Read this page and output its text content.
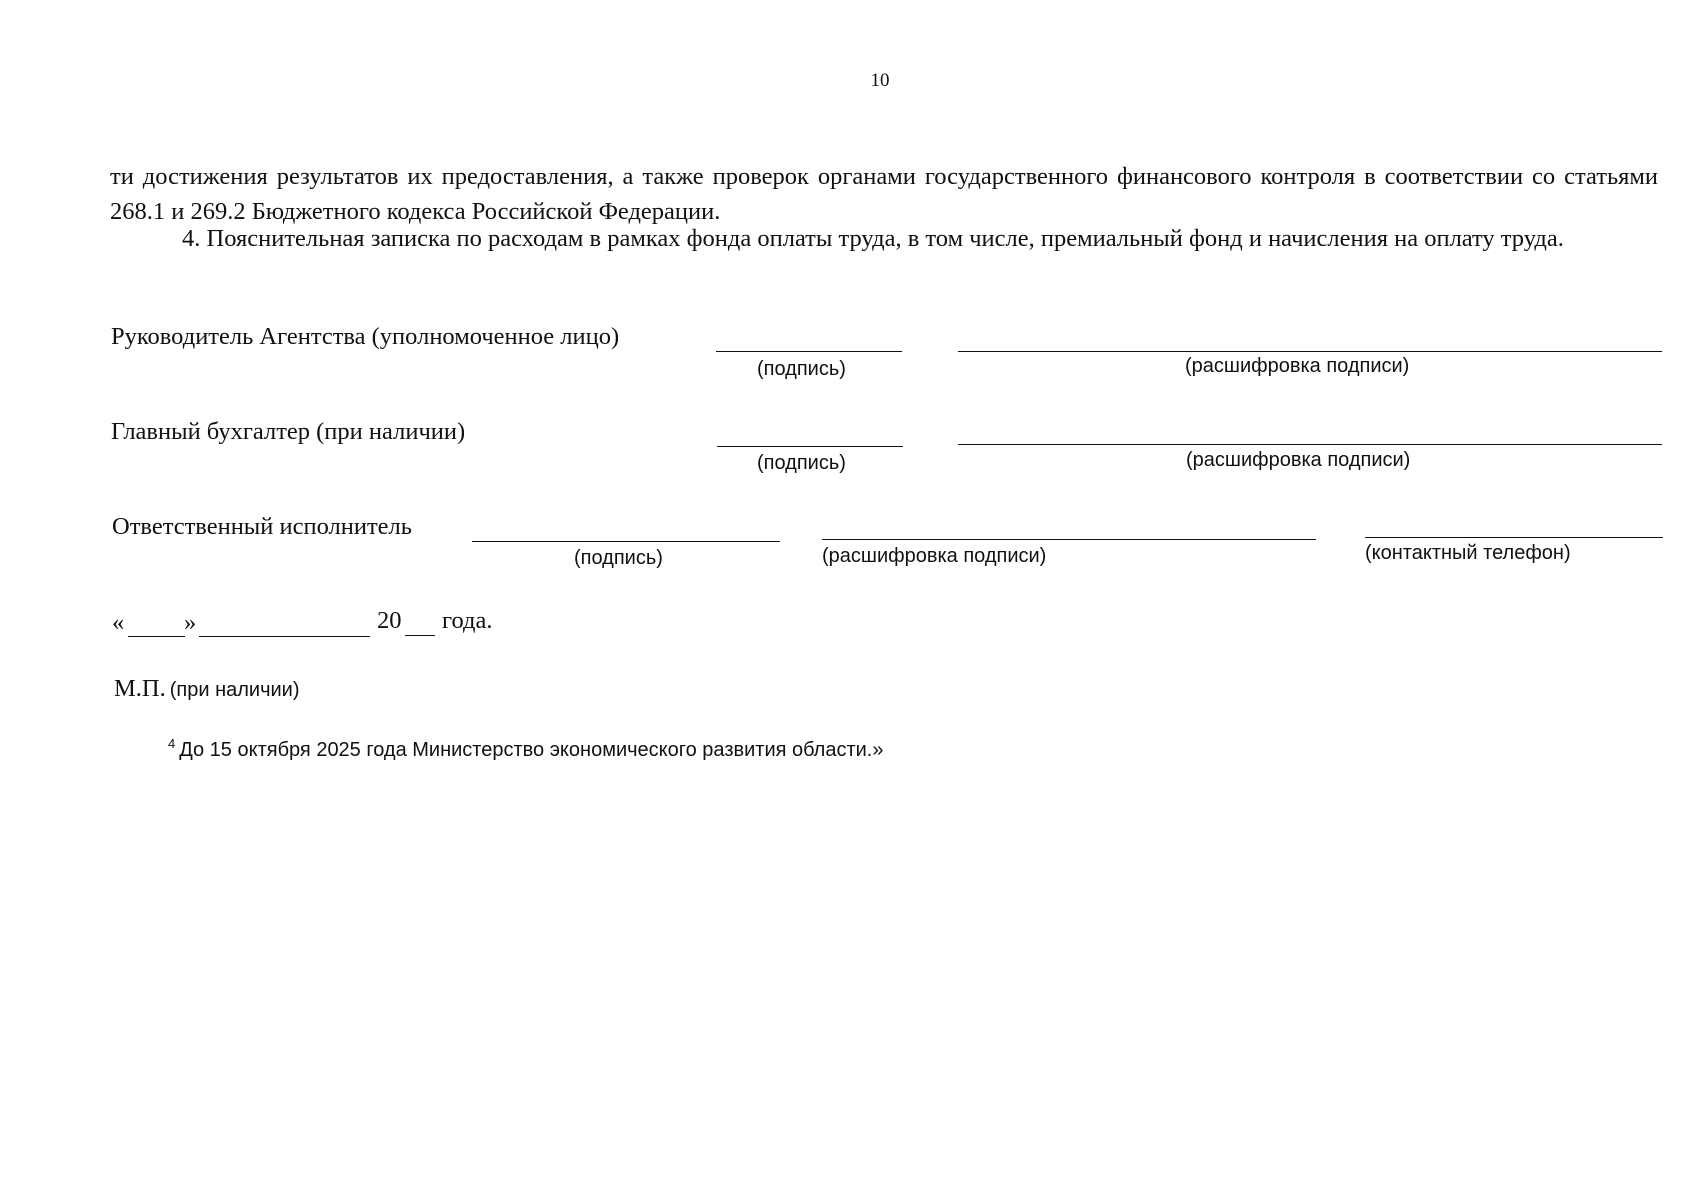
10
ти достижения результатов их предоставления, а также проверок органами государственного финансового контроля в соответствии со статьями 268.1 и 269.2 Бюджетного кодекса Российской Федерации.
4. Пояснительная записка по расходам в рамках фонда оплаты труда, в том числе, премиальный фонд и начисления на оплату труда.
Руководитель Агентства (уполномоченное лицо)
(подпись)	(расшифровка подписи)
Главный бухгалтер (при наличии)
(подпись)	(расшифровка подписи)
Ответственный исполнитель
(подпись)	(расшифровка подписи)	(контактный телефон)
« »	20 года.
М.П. (при наличии)
$^4$ До 15 октября 2025 года Министерство экономического развития области.»
